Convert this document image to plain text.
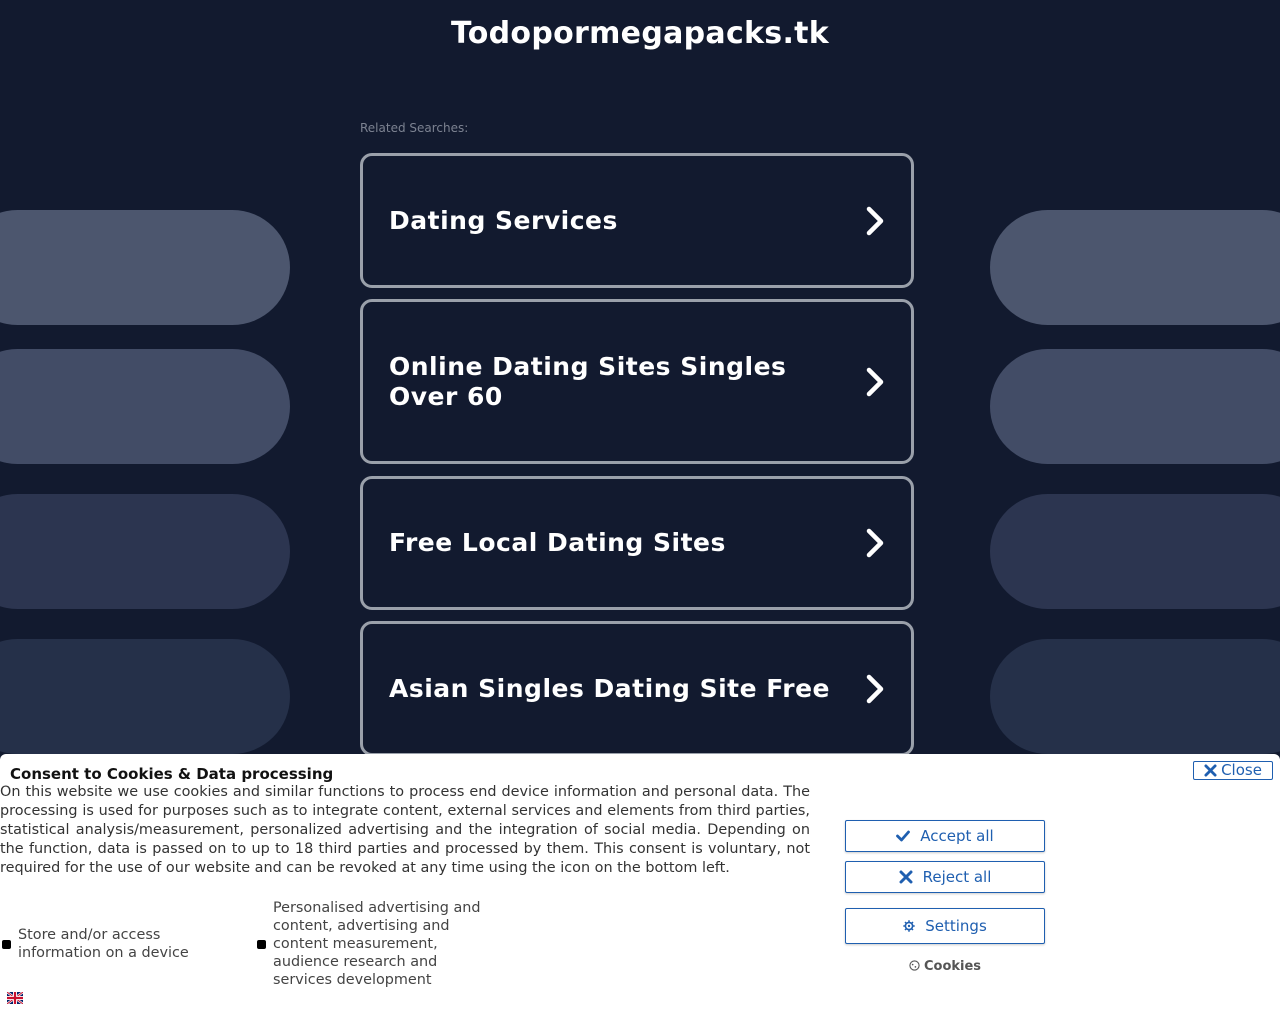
Todopormegapacks.tk
Related Searches:
Dating Services
Online Dating Sites Singles Over 60
Free Local Dating Sites
Asian Singles Dating Site Free
Consent to Cookies & Data processing
On this website we use cookies and similar functions to process end device information and personal data. The processing is used for purposes such as to integrate content, external services and elements from third parties, statistical analysis/measurement, personalized advertising and the integration of social media. Depending on the function, data is passed on to up to 18 third parties and processed by them. This consent is voluntary, not required for the use of our website and can be revoked at any time using the icon on the bottom left.
Close
Store and/or access information on a device
Personalised advertising and content, advertising and content measurement, audience research and services development
Accept all
Reject all
Settings
Cookies
